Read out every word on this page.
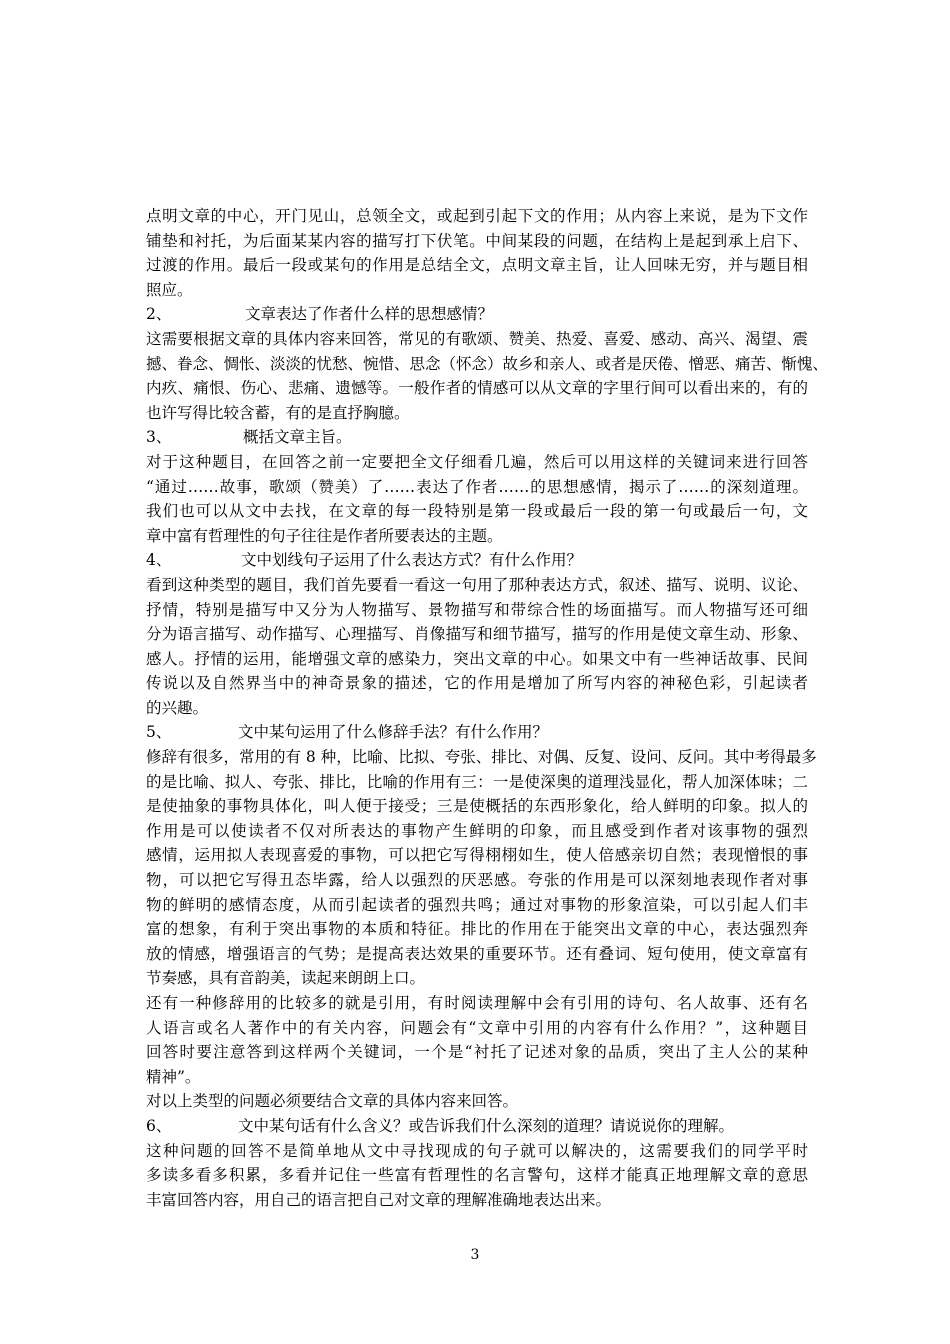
点明文章的中心，开门见山，总领全文，或起到引起下文的作用；从内容上来说，是为下文作
铺垫和衬托，为后面某某内容的描写打下伏笔。中间某段的问题，在结构上是起到承上启下、
过渡的作用。最后一段或某句的作用是总结全文，点明文章主旨，让人回味无穷，并与题目相
照应。
2、	文章表达了作者什么样的思想感情？
这需要根据文章的具体内容来回答，常见的有歌颂、赞美、热爱、喜爱、感动、高兴、渴望、震
撼、眷念、惆怅、淡淡的忧愁、惋惜、思念（怀念）故乡和亲人、或者是厌倦、憎恶、痛苦、惭愧、
内疚、痛恨、伤心、悲痛、遗憾等。一般作者的情感可以从文章的字里行间可以看出来的，有的
也许写得比较含蓄，有的是直抒胸臆。
3、	概括文章主旨。
对于这种题目，在回答之前一定要把全文仔细看几遍，然后可以用这样的关键词来进行回答
“通过……故事，歌颂（赞美）了……表达了作者……的思想感情，揭示了……的深刻道理。
我们也可以从文中去找，在文章的每一段特别是第一段或最后一段的第一句或最后一句，文
章中富有哲理性的句子往往是作者所要表达的主题。
4、	文中划线句子运用了什么表达方式？有什么作用？
看到这种类型的题目，我们首先要看一看这一句用了那种表达方式，叙述、描写、说明、议论、
抒情，特别是描写中又分为人物描写、景物描写和带综合性的场面描写。而人物描写还可细
分为语言描写、动作描写、心理描写、肖像描写和细节描写，描写的作用是使文章生动、形象、
感人。抒情的运用，能增强文章的感染力，突出文章的中心。如果文中有一些神话故事、民间
传说以及自然界当中的神奇景象的描述，它的作用是增加了所写内容的神秘色彩，引起读者
的兴趣。
5、	文中某句运用了什么修辞手法？有什么作用？
修辞有很多，常用的有 8 种，比喻、比拟、夸张、排比、对偶、反复、设问、反问。其中考得最多
的是比喻、拟人、夸张、排比，比喻的作用有三：一是使深奥的道理浅显化，帮人加深体味；二
是使抽象的事物具体化，叫人便于接受；三是使概括的东西形象化，给人鲜明的印象。拟人的
作用是可以使读者不仅对所表达的事物产生鲜明的印象，而且感受到作者对该事物的强烈
感情，运用拟人表现喜爱的事物，可以把它写得栩栩如生，使人倍感亲切自然；表现憎恨的事
物，可以把它写得丑态毕露，给人以强烈的厌恶感。夸张的作用是可以深刻地表现作者对事
物的鲜明的感情态度，从而引起读者的强烈共鸣；通过对事物的形象渲染，可以引起人们丰
富的想象，有利于突出事物的本质和特征。排比的作用在于能突出文章的中心，表达强烈奔
放的情感，增强语言的气势；是提高表达效果的重要环节。还有叠词、短句使用，使文章富有
节奏感，具有音韵美，读起来朗朗上口。
还有一种修辞用的比较多的就是引用，有时阅读理解中会有引用的诗句、名人故事、还有名
人语言或名人著作中的有关内容，问题会有“文章中引用的内容有什么作用？”，这种题目
回答时要注意答到这样两个关键词，一个是“衬托了记述对象的品质，突出了主人公的某种
精神”。
对以上类型的问题必须要结合文章的具体内容来回答。
6、	文中某句话有什么含义？或告诉我们什么深刻的道理？请说说你的理解。
这种问题的回答不是简单地从文中寻找现成的句子就可以解决的，这需要我们的同学平时
多读多看多积累，多看并记住一些富有哲理性的名言警句，这样才能真正地理解文章的意思
丰富回答内容，用自己的语言把自己对文章的理解准确地表达出来。
3
